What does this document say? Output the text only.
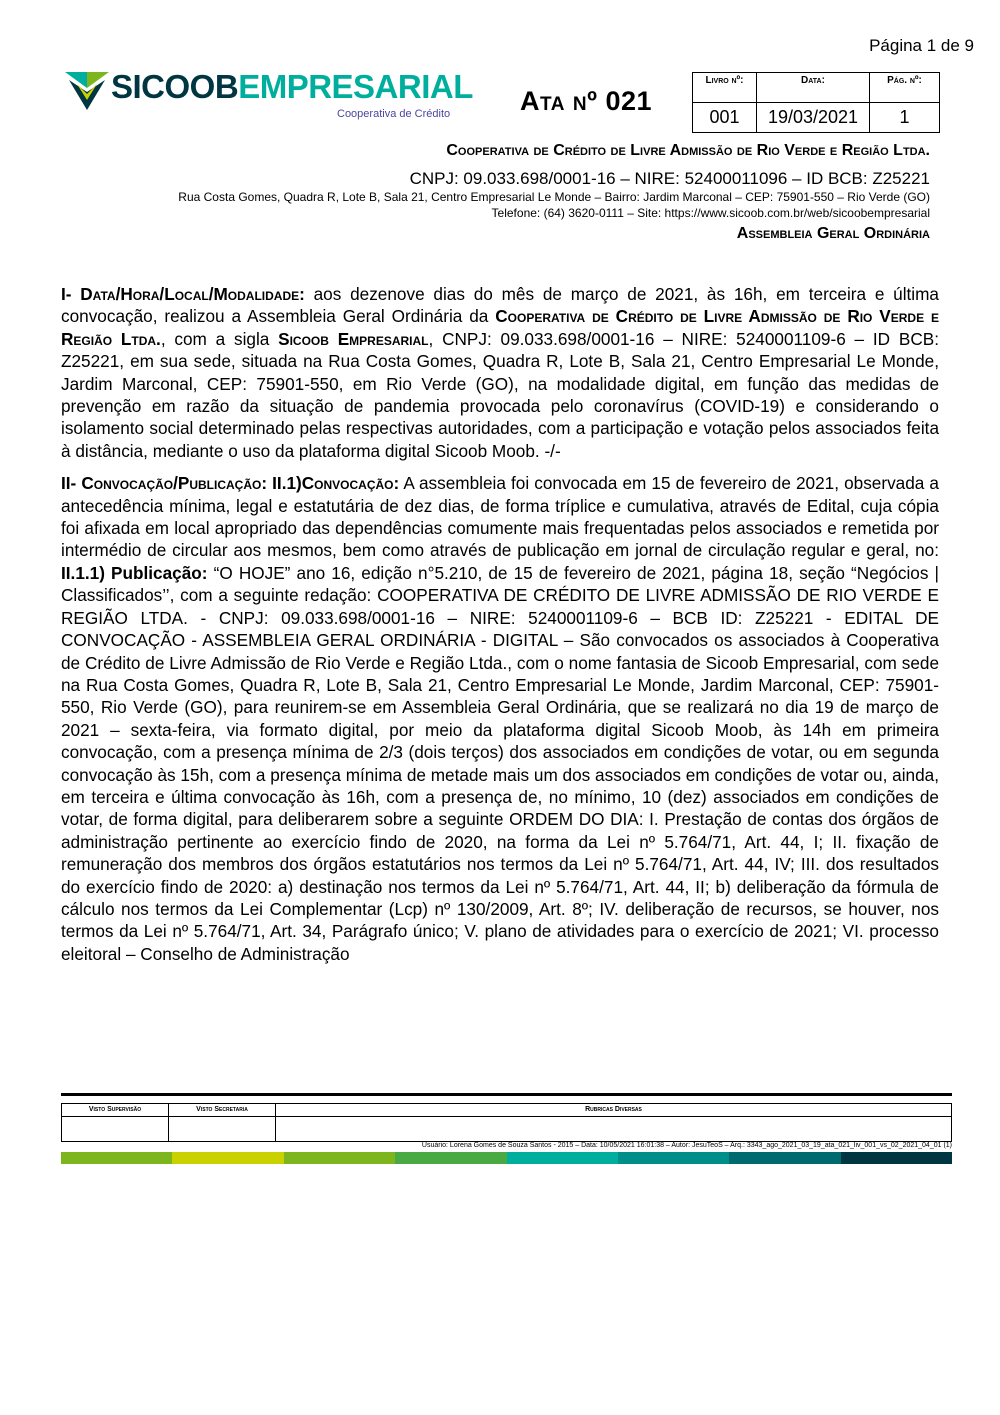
Página 1 de 9
SICOOBEMPRESARIAL
Cooperativa de Crédito	Ata nº 021
Livro nº:	Data:	Pág. nº:
001	19/03/2021	1
Cooperativa de Crédito de Livre Admissão de Rio Verde e Região Ltda.
CNPJ: 09.033.698/0001-16 – NIRE: 52400011096 – ID BCB: Z25221
Rua Costa Gomes, Quadra R, Lote B, Sala 21, Centro Empresarial Le Monde – Bairro: Jardim Marconal – CEP: 75901-550 – Rio Verde (GO)
Telefone: (64) 3620-0111 – Site: https://www.sicoob.com.br/web/sicoobempresarial
Assembleia Geral Ordinária

I- Data/Hora/Local/Modalidade: aos dezenove dias do mês de março de 2021, às 16h, em terceira e última convocação, realizou a Assembleia Geral Ordinária da Cooperativa de Crédito de Livre Admissão de Rio Verde e Região Ltda., com a sigla Sicoob Empresarial, CNPJ: 09.033.698/0001-16 – NIRE: 5240001109-6 – ID BCB: Z25221, em sua sede, situada na Rua Costa Gomes, Quadra R, Lote B, Sala 21, Centro Empresarial Le Monde, Jardim Marconal, CEP: 75901-550, em Rio Verde (GO), na modalidade digital, em função das medidas de prevenção em razão da situação de pandemia provocada pelo coronavírus (COVID-19) e considerando o isolamento social determinado pelas respectivas autoridades, com a participação e votação pelos associados feita à distância, mediante o uso da plataforma digital Sicoob Moob. -/-

II- Convocação/Publicação: II.1)Convocação: A assembleia foi convocada em 15 de fevereiro de 2021, observada a antecedência mínima, legal e estatutária de dez dias, de forma tríplice e cumulativa, através de Edital, cuja cópia foi afixada em local apropriado das dependências comumente mais frequentadas pelos associados e remetida por intermédio de circular aos mesmos, bem como através de publicação em jornal de circulação regular e geral, no: II.1.1) Publicação: “O HOJE” ano 16, edição n°5.210, de 15 de fevereiro de 2021, página 18, seção “Negócios | Classificados’’, com a seguinte redação: COOPERATIVA DE CRÉDITO DE LIVRE ADMISSÃO DE RIO VERDE E REGIÃO LTDA. - CNPJ: 09.033.698/0001-16 – NIRE: 5240001109-6 – BCB ID: Z25221 - EDITAL DE CONVOCAÇÃO - ASSEMBLEIA GERAL ORDINÁRIA - DIGITAL – São convocados os associados à Cooperativa de Crédito de Livre Admissão de Rio Verde e Região Ltda., com o nome fantasia de Sicoob Empresarial, com sede na Rua Costa Gomes, Quadra R, Lote B, Sala 21, Centro Empresarial Le Monde, Jardim Marconal, CEP: 75901-550, Rio Verde (GO), para reunirem-se em Assembleia Geral Ordinária, que se realizará no dia 19 de março de 2021 – sexta-feira, via formato digital, por meio da plataforma digital Sicoob Moob, às 14h em primeira convocação, com a presença mínima de 2/3 (dois terços) dos associados em condições de votar, ou em segunda convocação às 15h, com a presença mínima de metade mais um dos associados em condições de votar ou, ainda, em terceira e última convocação às 16h, com a presença de, no mínimo, 10 (dez) associados em condições de votar, de forma digital, para deliberarem sobre a seguinte ORDEM DO DIA: I. Prestação de contas dos órgãos de administração pertinente ao exercício findo de 2020, na forma da Lei nº 5.764/71, Art. 44, I; II. fixação de remuneração dos membros dos órgãos estatutários nos termos da Lei nº 5.764/71, Art. 44, IV; III. dos resultados do exercício findo de 2020: a) destinação nos termos da Lei nº 5.764/71, Art. 44, II; b) deliberação da fórmula de cálculo nos termos da Lei Complementar (Lcp) nº 130/2009, Art. 8º; IV. deliberação de recursos, se houver, nos termos da Lei nº 5.764/71, Art. 34, Parágrafo único; V. plano de atividades para o exercício de 2021; VI. processo eleitoral – Conselho de Administração

Visto Supervisão	Visto Secretaria	Rubricas Diversas

Usuário: Lorena Gomes de Souza Santos - 2015 – Data: 10/05/2021 16:01:38 – Autor: JesuTeoS – Arq.: 3343_ago_2021_03_19_ata_021_liv_001_vs_02_2021_04_01 (1)
